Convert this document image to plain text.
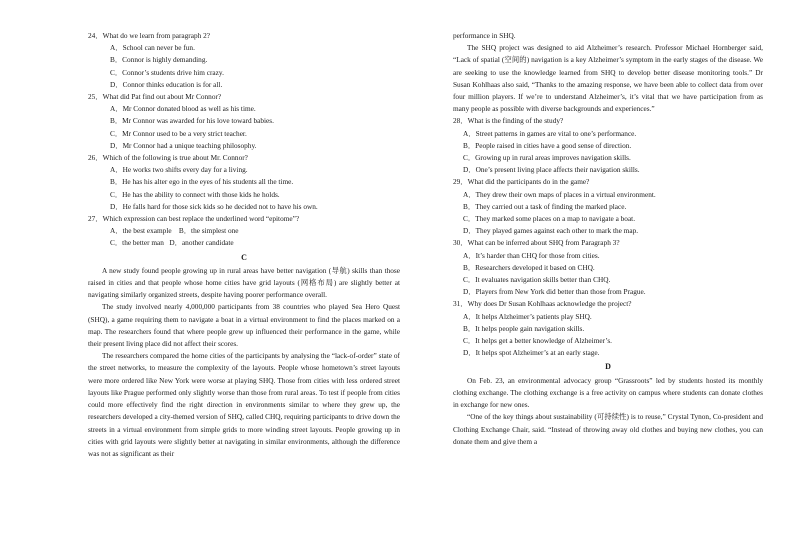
24．What do we learn from paragraph 2?

A．School can never be fun.

B．Connor is highly demanding.

C．Connor’s students drive him crazy.

D．Connor thinks education is for all.

25．What did Pat find out about Mr Connor?

A．Mr Connor donated blood as well as his time.

B．Mr Connor was awarded for his love toward babies.

C．Mr Connor used to be a very strict teacher.

D．Mr Connor had a unique teaching philosophy.

26．Which of the following is true about Mr. Connor?

A．He works two shifts every day for a living.

B．He has his alter ego in the eyes of his students all the time.

C．He has the ability to connect with those kids he holds.

D．He falls hard for those sick kids so he decided not to have his own.

27．Which expression can best replace the underlined word “epitome”?

A．the best example    B．the simplest one

C．the better man   D．another candidate

C

A new study found people growing up in rural areas have better navigation (导航) skills than those raised in cities and that people whose home cities have grid layouts (网格布局) are slightly better at navigating similarly organized streets, despite having poorer performance overall.

The study involved nearly 4,000,000 participants from 38 countries who played Sea Hero Quest (SHQ), a game requiring them to navigate a boat in a virtual environment to find the places marked on a map. The researchers found that where people grew up influenced their performance in the game, while their present living place did not affect their scores.

The researchers compared the home cities of the participants by analysing the “lack-of-order” state of the street networks, to measure the complexity of the layouts. People whose hometown’s street layouts were more ordered like New York were worse at playing SHQ. Those from cities with less ordered street layouts like Prague performed only slightly worse than those from rural areas. To test if people from cities could more effectively find the right direction in environments similar to where they grew up, the researchers developed a city-themed version of SHQ, called CHQ, requiring participants to drive down the streets in a virtual environment from simple grids to more winding street layouts. People growing up in cities with grid layouts were slightly better at navigating in similar environments, although the difference was not as significant as their

performance in SHQ.

The SHQ project was designed to aid Alzheimer’s research. Professor Michael Hornberger said, “Lack of spatial (空间的) navigation is a key Alzheimer’s symptom in the early stages of the disease. We are seeking to use the knowledge learned from SHQ to develop better disease monitoring tools.” Dr Susan Kohlhaas also said, “Thanks to the amazing response, we have been able to collect data from over four million players. If we’re to understand Alzheimer’s, it’s vital that we have participation from as many people as possible with diverse backgrounds and experiences.”

28．What is the finding of the study?

A．Street patterns in games are vital to one’s performance.

B．People raised in cities have a good sense of direction.

C．Growing up in rural areas improves navigation skills.

D．One’s present living place affects their navigation skills.

29．What did the participants do in the game?

A．They drew their own maps of places in a virtual environment.

B．They carried out a task of finding the marked place.

C．They marked some places on a map to navigate a boat.

D．They played games against each other to mark the map.

30．What can be inferred about SHQ from Paragraph 3?

A．It’s harder than CHQ for those from cities.

B．Researchers developed it based on CHQ.

C．It evaluates navigation skills better than CHQ.

D．Players from New York did better than those from Prague.

31．Why does Dr Susan Kohlhaas acknowledge the project?

A．It helps Alzheimer’s patients play SHQ.

B．It helps people gain navigation skills.

C．It helps get a better knowledge of Alzheimer’s.

D．It helps spot Alzheimer’s at an early stage.

D

On Feb. 23, an environmental advocacy group “Grassroots” led by students hosted its monthly clothing exchange. The clothing exchange is a free activity on campus where students can donate clothes in exchange for new ones.

“One of the key things about sustainability (可持续性) is to reuse,” Crystal Tynon, Co-president and Clothing Exchange Chair, said. “Instead of throwing away old clothes and buying new clothes, you can donate them and give them a
